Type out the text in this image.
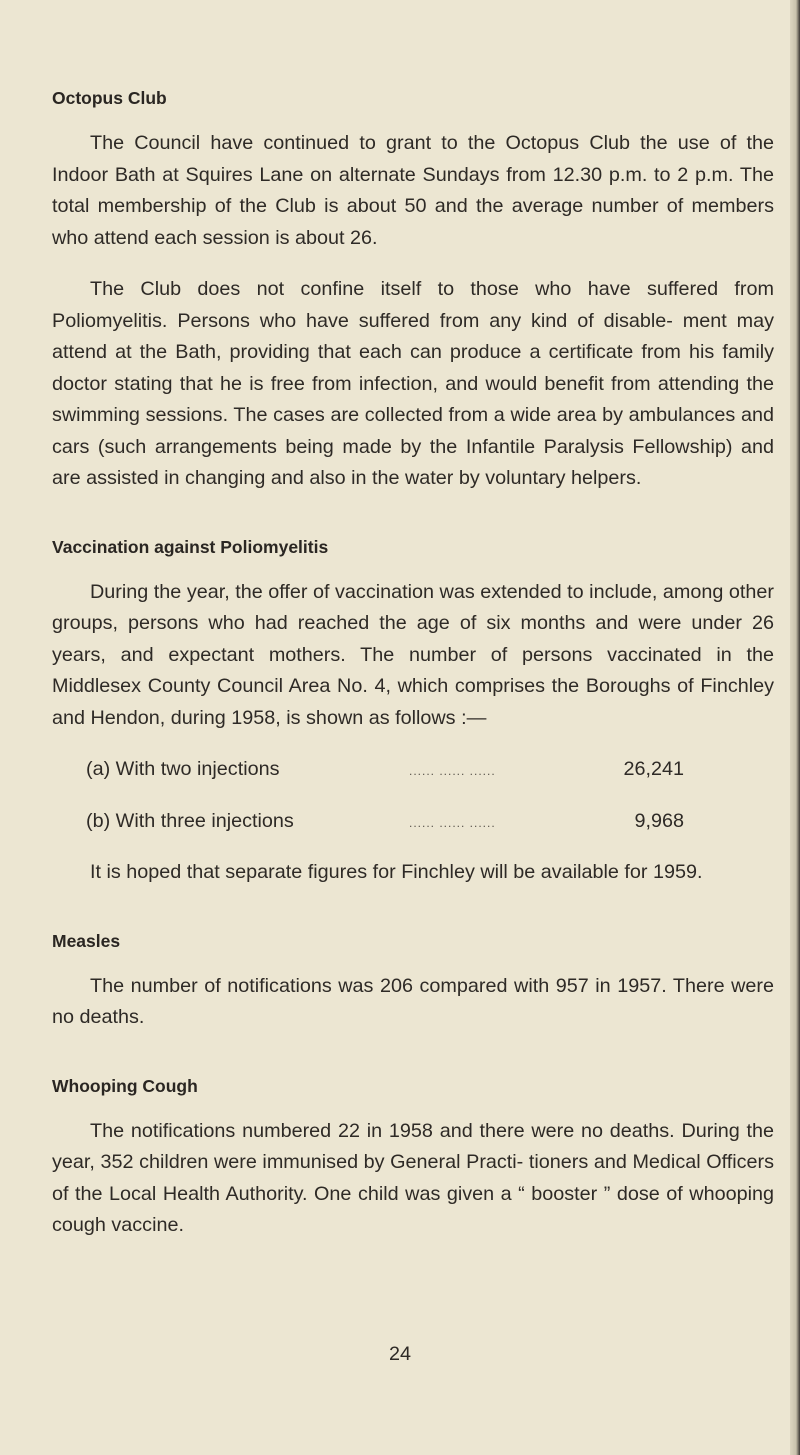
Octopus Club

The Council have continued to grant to the Octopus Club the use of the Indoor Bath at Squires Lane on alternate Sundays from 12.30 p.m. to 2 p.m. The total membership of the Club is about 50 and the average number of members who attend each session is about 26.

The Club does not confine itself to those who have suffered from Poliomyelitis. Persons who have suffered from any kind of disable- ment may attend at the Bath, providing that each can produce a certificate from his family doctor stating that he is free from infection, and would benefit from attending the swimming sessions. The cases are collected from a wide area by ambulances and cars (such arrangements being made by the Infantile Paralysis Fellowship) and are assisted in changing and also in the water by voluntary helpers.

Vaccination against Poliomyelitis

During the year, the offer of vaccination was extended to include, among other groups, persons who had reached the age of six months and were under 26 years, and expectant mothers. The number of persons vaccinated in the Middlesex County Council Area No. 4, which comprises the Boroughs of Finchley and Hendon, during 1958, is shown as follows :—

(a) With two injections	...... ...... ......	26,241
(b) With three injections	...... ...... ......	9,968

It is hoped that separate figures for Finchley will be available for 1959.

Measles

The number of notifications was 206 compared with 957 in 1957. There were no deaths.

Whooping Cough

The notifications numbered 22 in 1958 and there were no deaths. During the year, 352 children were immunised by General Practi- tioners and Medical Officers of the Local Health Authority. One child was given a “ booster ” dose of whooping cough vaccine.

24
